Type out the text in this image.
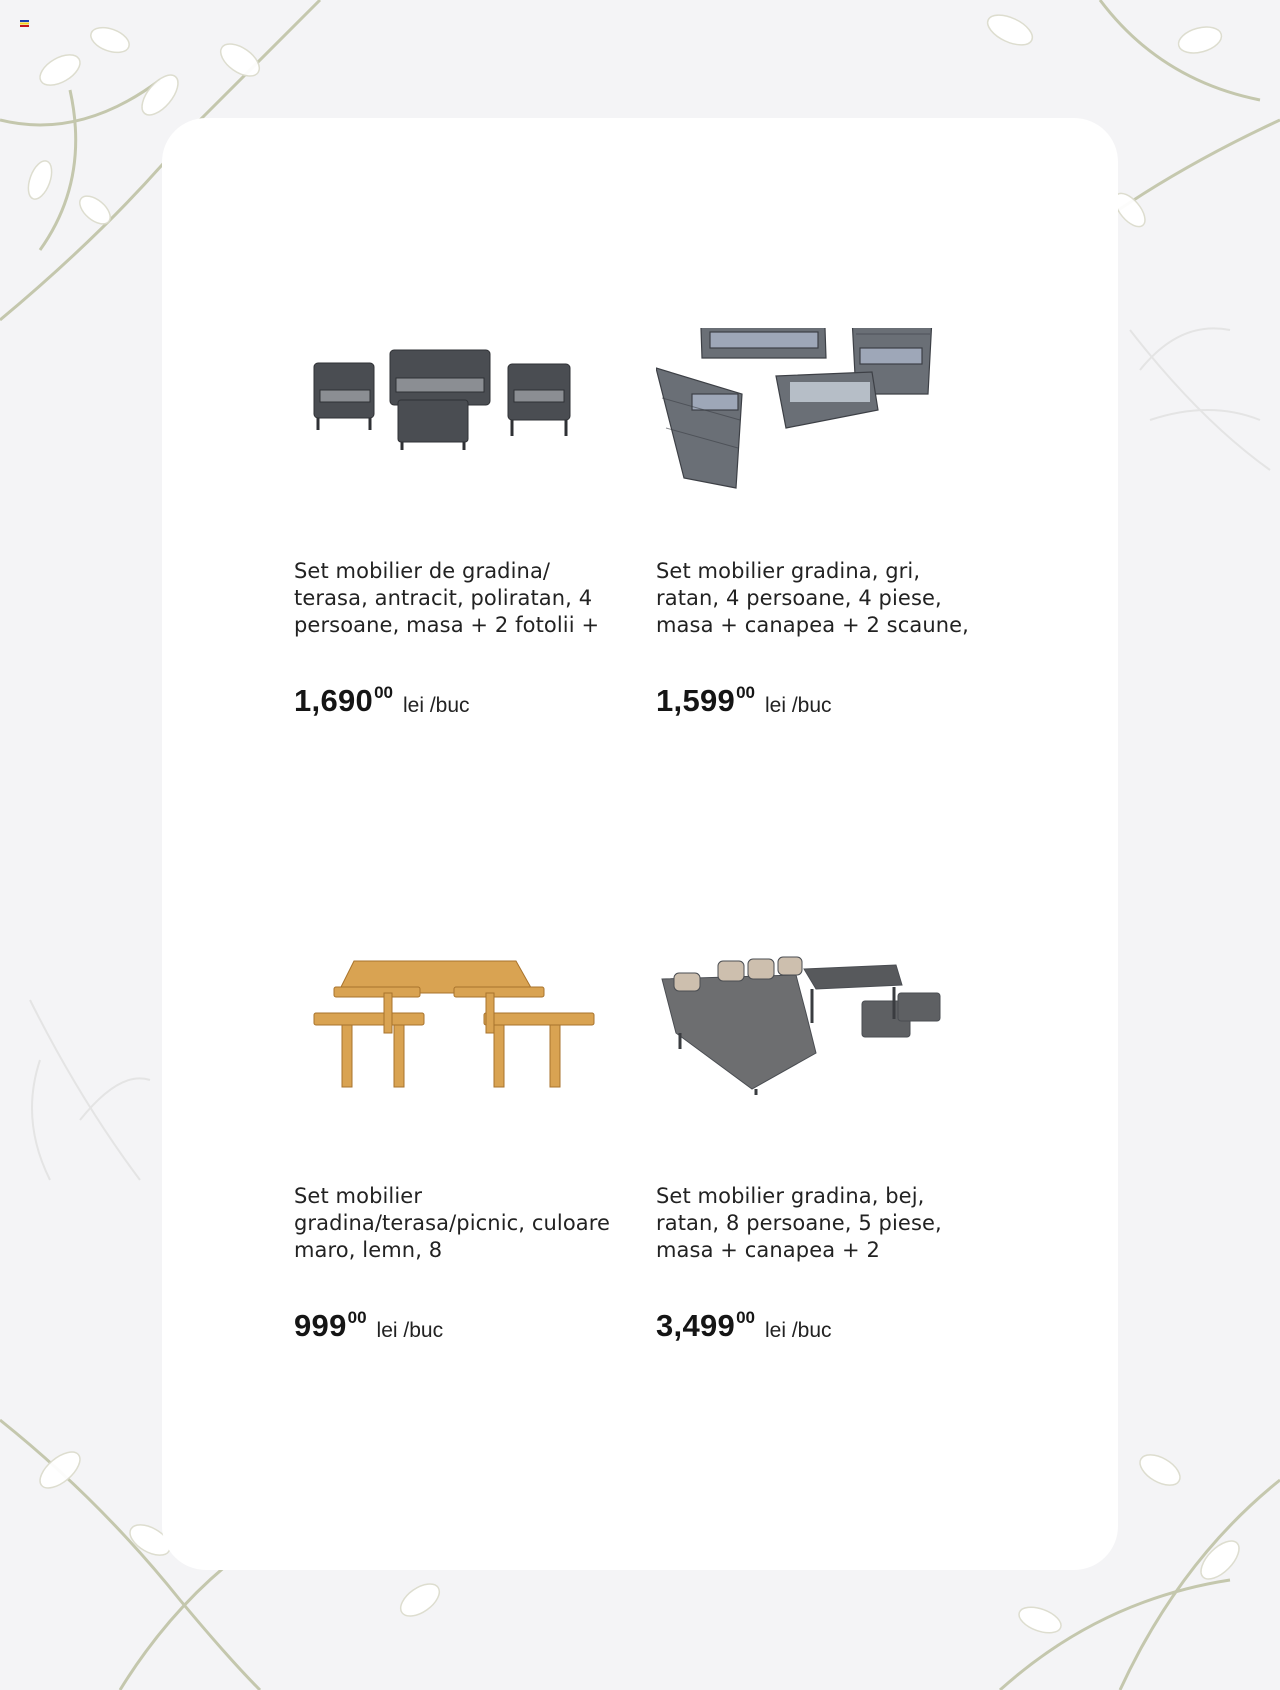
Set mobilier de gradina/ terasa, antracit, poliratan, 4 persoane, masa + 2 fotolii +
1,690 00
lei /buc
Set mobilier gradina, gri, ratan, 4 persoane, 4 piese, masa + canapea + 2 scaune,
1,599 00
lei /buc
Set mobilier gradina/terasa/picnic, culoare maro, lemn, 8
999 00
lei /buc
Set mobilier gradina, bej, ratan, 8 persoane, 5 piese, masa + canapea + 2
3,499 00
lei /buc
